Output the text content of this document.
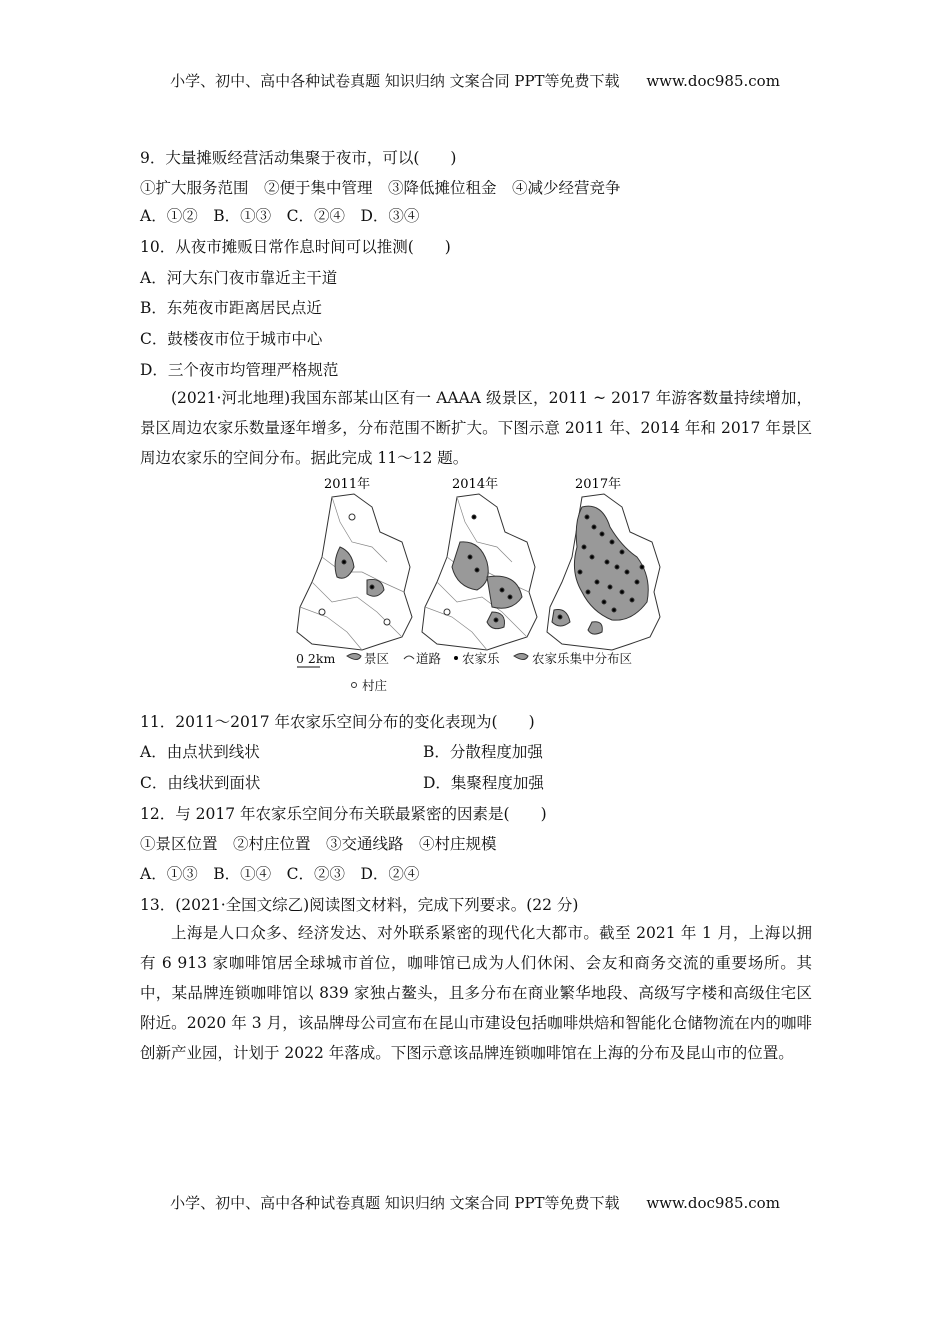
小学、初中、高中各种试卷真题 知识归纳 文案合同 PPT等免费下载 www.doc985.com
9．大量摊贩经营活动集聚于夜市，可以(　　)
①扩大服务范围　②便于集中管理　③降低摊位租金　④减少经营竞争
A．①②　B．①③　C．②④　D．③④
10．从夜市摊贩日常作息时间可以推测(　　)
A．河大东门夜市靠近主干道
B．东苑夜市距离居民点近
C．鼓楼夜市位于城市中心
D．三个夜市均管理严格规范

(2021·河北地理)我国东部某山区有一 AAAA 级景区，2011 ~ 2017 年游客数量持续增加，景区周边农家乐数量逐年增多，分布范围不断扩大。下图示意 2011 年、2014 年和 2017 年景区周边农家乐的空间分布。据此完成 11～12 题。

2011年	2014年	2017年
0 2km 景区 道路 农家乐	农家乐集中分布区
村庄
11．2011～2017 年农家乐空间分布的变化表现为(　　)
A．由点状到线状	B．分散程度加强
C．由线状到面状	D．集聚程度加强
12．与 2017 年农家乐空间分布关联最紧密的因素是(　　)
①景区位置　②村庄位置　③交通线路　④村庄规模
A．①③　B．①④　C．②③　D．②④
13．(2021·全国文综乙)阅读图文材料，完成下列要求。(22 分)

上海是人口众多、经济发达、对外联系紧密的现代化大都市。截至 2021 年 1 月，上海以拥有 6 913 家咖啡馆居全球城市首位，咖啡馆已成为人们休闲、会友和商务交流的重要场所。其中，某品牌连锁咖啡馆以 839 家独占鳌头，且多分布在商业繁华地段、高级写字楼和高级住宅区附近。2020 年 3 月，该品牌母公司宣布在昆山市建设包括咖啡烘焙和智能化仓储物流在内的咖啡创新产业园，计划于 2022 年落成。下图示意该品牌连锁咖啡馆在上海的分布及昆山市的位置。

小学、初中、高中各种试卷真题 知识归纳 文案合同 PPT等免费下载 www.doc985.com
